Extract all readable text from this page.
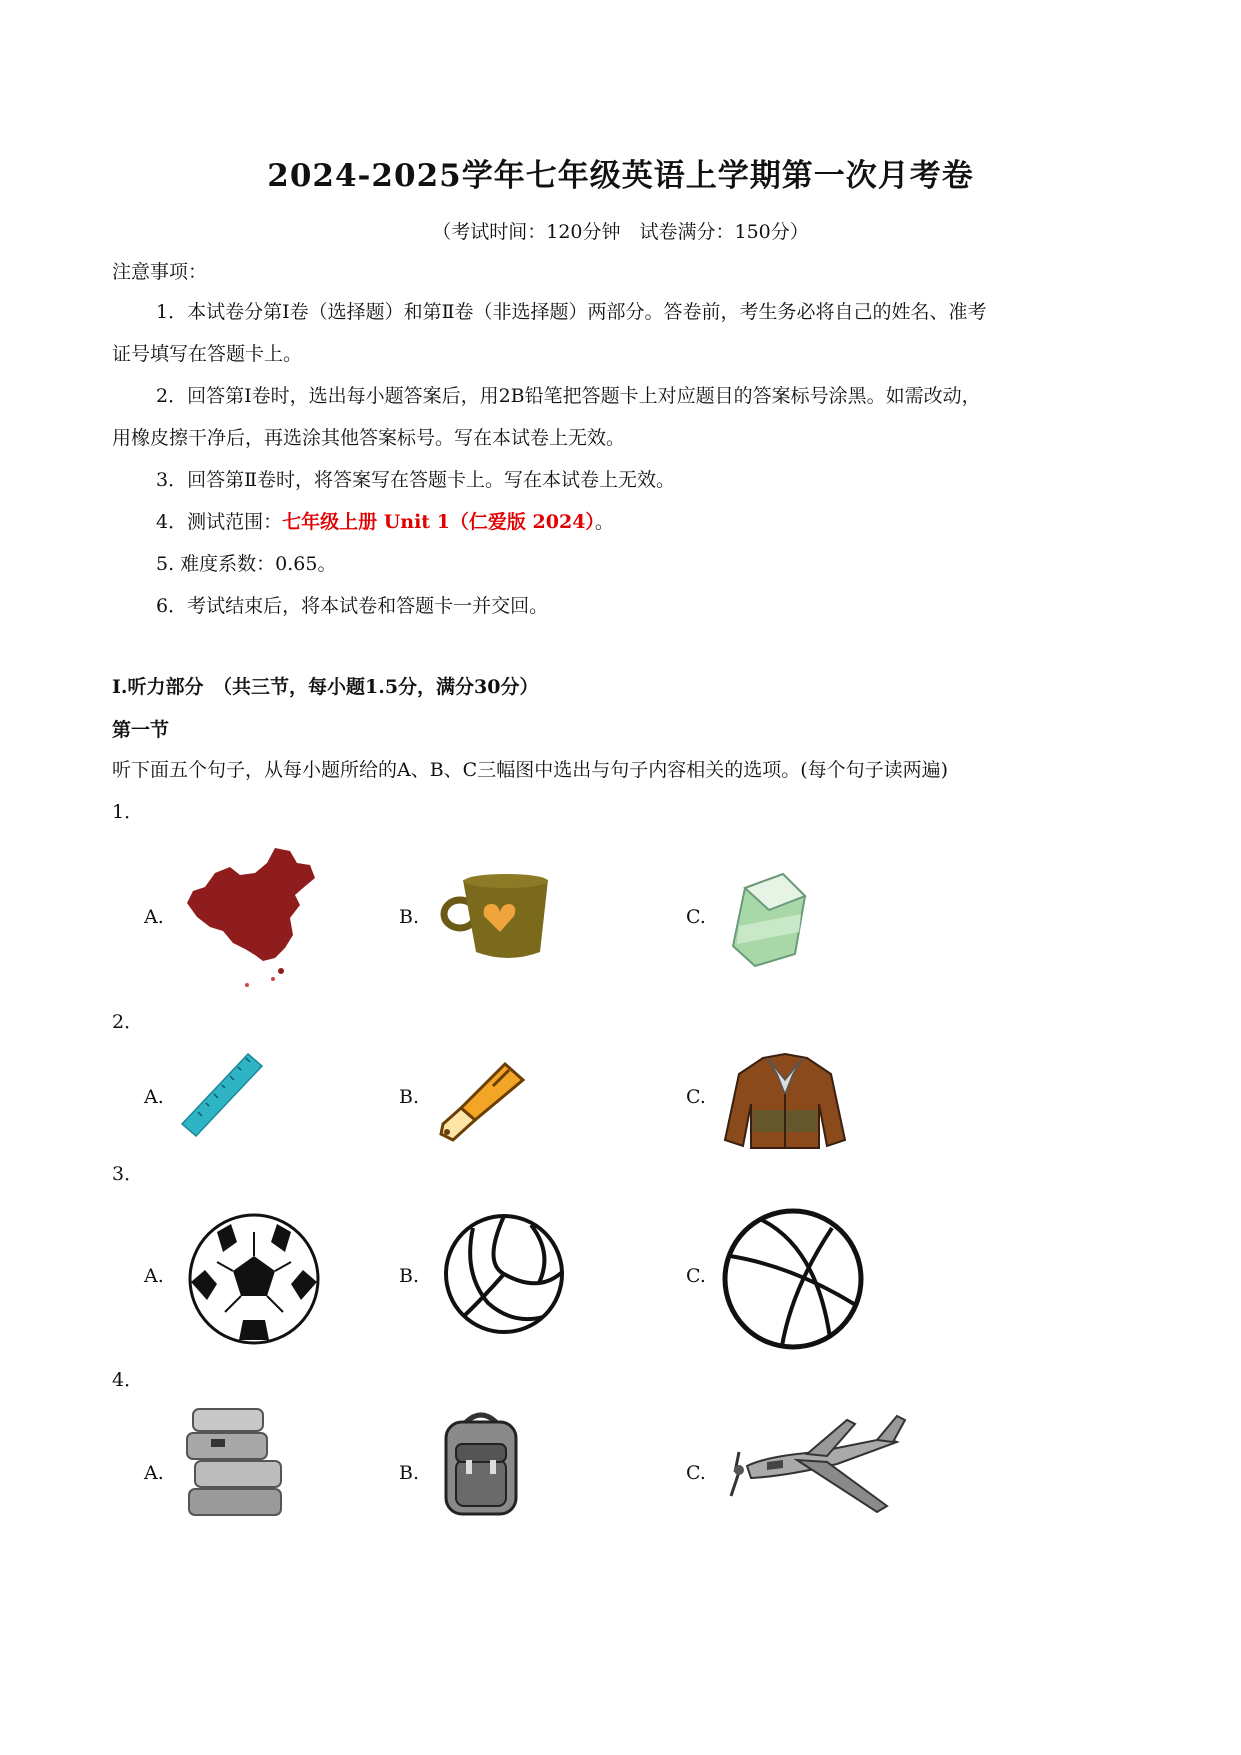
2024-2025学年七年级英语上学期第一次月考卷
（考试时间：120分钟　试卷满分：150分）
注意事项：
1．本试卷分第Ⅰ卷（选择题）和第Ⅱ卷（非选择题）两部分。答卷前，考生务必将自己的姓名、准考
证号填写在答题卡上。
2．回答第Ⅰ卷时，选出每小题答案后，用2B铅笔把答题卡上对应题目的答案标号涂黑。如需改动，
用橡皮擦干净后，再选涂其他答案标号。写在本试卷上无效。
3．回答第Ⅱ卷时，将答案写在答题卡上。写在本试卷上无效。
4．测试范围：七年级上册 Unit 1（仁爱版 2024）。
5. 难度系数：0.65。
6．考试结束后，将本试卷和答题卡一并交回。
I.听力部分　（共三节，每小题1.5分，满分30分）
第一节
听下面五个句子，从每小题所给的A、B、C三幅图中选出与句子内容相关的选项。(每个句子读两遍)
1．
2．
3．
4．
A.	B.	C.
A.	B.	C.
A.	B.	C.
A.	B.	C.
